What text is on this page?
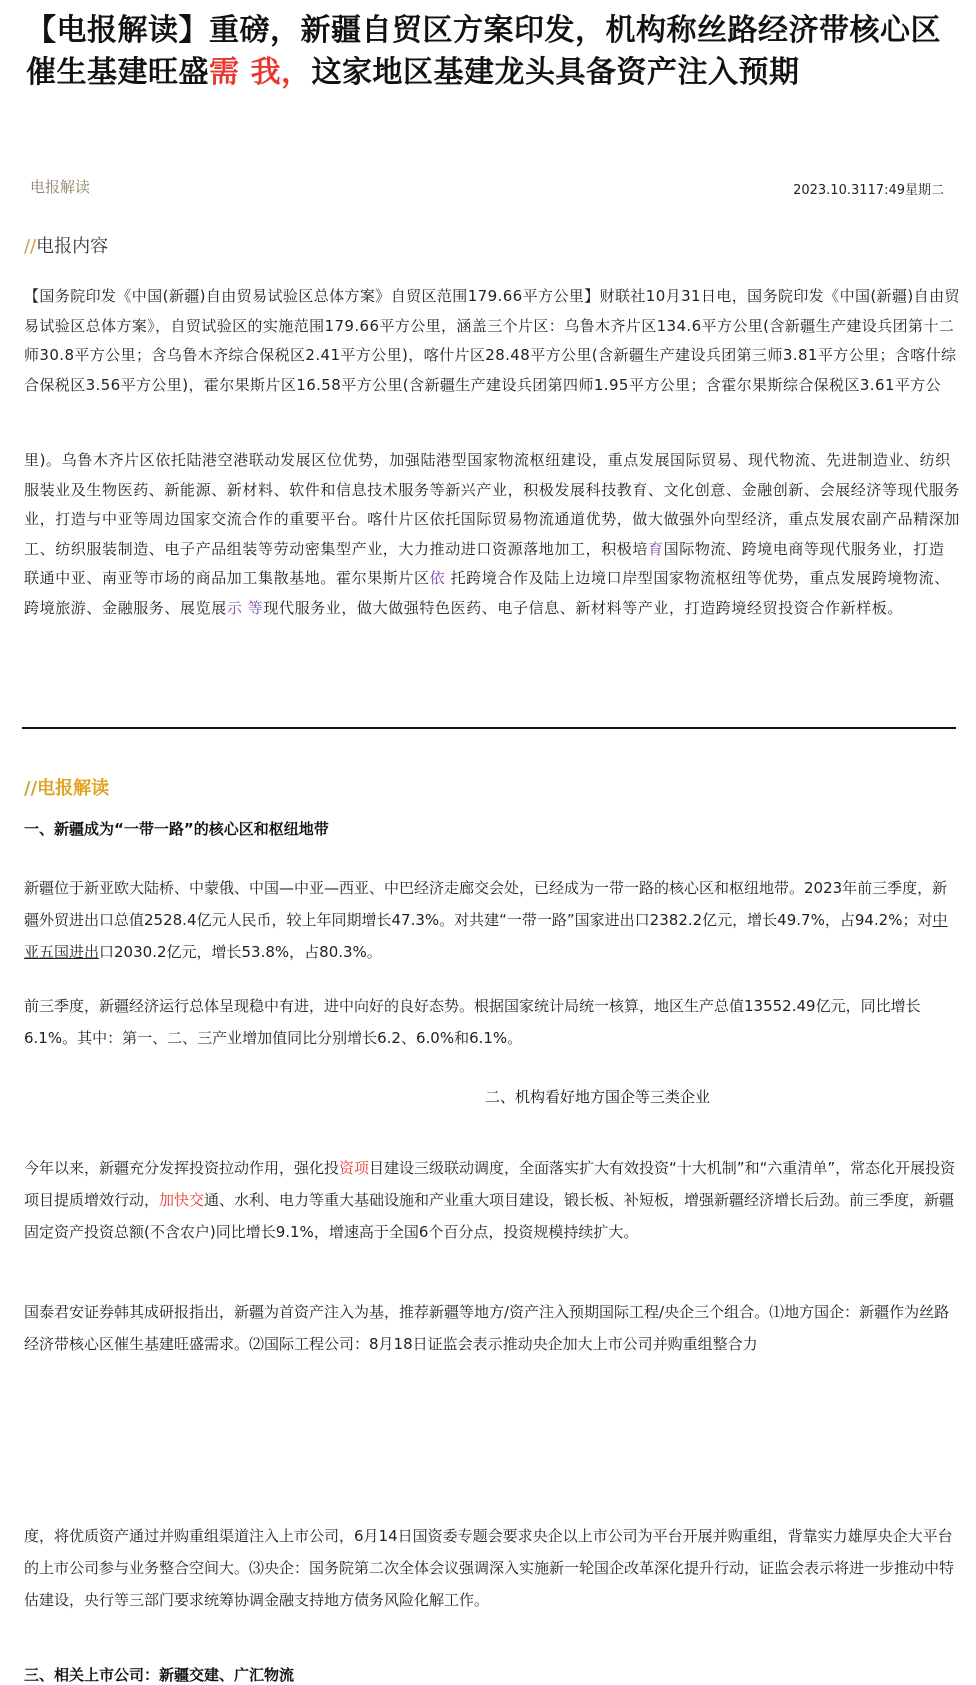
【电报解读】重磅，新疆自贸区方案印发，机构称丝路经济带核心区催生基建旺盛需 我，这家地区基建龙头具备资产注入预期
电报解读	2023.10.3117:49星期二
//电报内容
【国务院印发《中国(新疆)自由贸易试验区总体方案》自贸区范围179.66平方公里】财联社10月31日电，国务院印发《中国(新疆)自由贸易试验区总体方案》，自贸试验区的实施范围179.66平方公里，涵盖三个片区：乌鲁木齐片区134.6平方公里(含新疆生产建设兵团第十二师30.8平方公里；含乌鲁木齐综合保税区2.41平方公里)，喀什片区28.48平方公里(含新疆生产建设兵团第三师3.81平方公里；含喀什综合保税区3.56平方公里)，霍尔果斯片区16.58平方公里(含新疆生产建设兵团第四师1.95平方公里；含霍尔果斯综合保税区3.61平方公
里)。乌鲁木齐片区依托陆港空港联动发展区位优势，加强陆港型国家物流枢纽建设，重点发展国际贸易、现代物流、先进制造业、纺织服装业及生物医药、新能源、新材料、软件和信息技术服务等新兴产业，积极发展科技教育、文化创意、金融创新、会展经济等现代服务业，打造与中亚等周边国家交流合作的重要平台。喀什片区依托国际贸易物流通道优势，做大做强外向型经济，重点发展农副产品精深加工、纺织服装制造、电子产品组装等劳动密集型产业，大力推动进口资源落地加工，积极培育国际物流、跨境电商等现代服务业，打造联通中亚、南亚等市场的商品加工集散基地。霍尔果斯片区依 托跨境合作及陆上边境口岸型国家物流枢纽等优势，重点发展跨境物流、跨境旅游、金融服务、展览展示 等现代服务业，做大做强特色医药、电子信息、新材料等产业，打造跨境经贸投资合作新样板。
//电报解读
一、新疆成为“一带一路”的核心区和枢纽地带
新疆位于新亚欧大陆桥、中蒙俄、中国—中亚—西亚、中巴经济走廊交会处，已经成为一带一路的核心区和枢纽地带。2023年前三季度，新疆外贸进出口总值2528.4亿元人民币，较上年同期增长47.3%。对共建“一带一路”国家进出口2382.2亿元，增长49.7%，占94.2%；对中亚五国进出口2030.2亿元，增长53.8%，占80.3%。
前三季度，新疆经济运行总体呈现稳中有进，进中向好的良好态势。根据国家统计局统一核算，地区生产总值13552.49亿元，同比增长6.1%。其中：第一、二、三产业增加值同比分别增长6.2、6.0%和6.1%。
二、机构看好地方国企等三类企业
今年以来，新疆充分发挥投资拉动作用，强化投资项目建设三级联动调度，全面落实扩大有效投资“十大机制”和“六重清单”，常态化开展投资项目提质增效行动，加快交通、水利、电力等重大基础设施和产业重大项目建设，锻长板、补短板，增强新疆经济增长后劲。前三季度，新疆固定资产投资总额(不含农户)同比增长9.1%，增速高于全国6个百分点，投资规模持续扩大。
国泰君安证券韩其成研报指出，新疆为首资产注入为基，推荐新疆等地方/资产注入预期国际工程/央企三个组合。⑴地方国企：新疆作为丝路经济带核心区催生基建旺盛需求。⑵国际工程公司：8月18日证监会表示推动央企加大上市公司并购重组整合力
度，将优质资产通过并购重组渠道注入上市公司，6月14日国资委专题会要求央企以上市公司为平台开展并购重组，背靠实力雄厚央企大平台的上市公司参与业务整合空间大。⑶央企：国务院第二次全体会议强调深入实施新一轮国企改革深化提升行动，证监会表示将进一步推动中特估建设，央行等三部门要求统筹协调金融支持地方债务风险化解工作。
三、相关上市公司：新疆交建、广汇物流
